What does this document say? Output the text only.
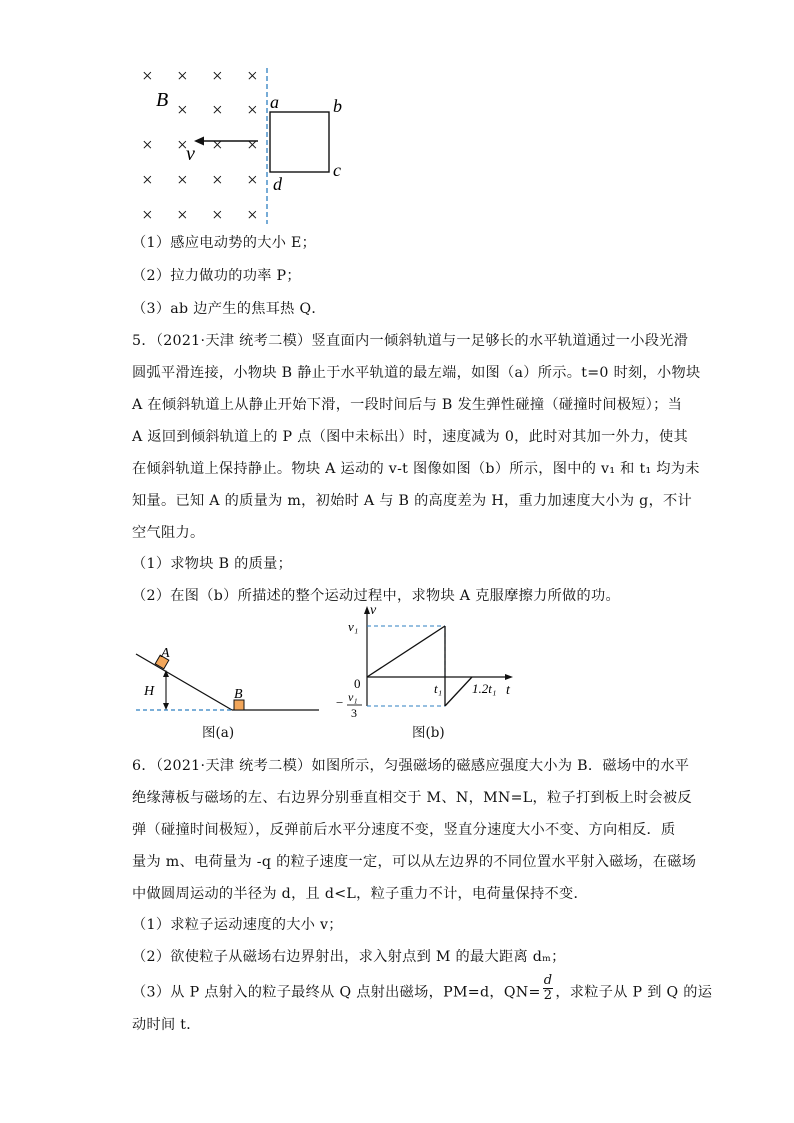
× × × ×
× × ×
× × × ×
× × × ×
× × × ×
B
v
a	b
c
d
（1）感应电动势的大小 E；
（2）拉力做功的功率 P；
（3）ab 边产生的焦耳热 Q．
5．（2021·天津 统考二模）竖直面内一倾斜轨道与一足够长的水平轨道通过一小段光滑
圆弧平滑连接，小物块 B 静止于水平轨道的最左端，如图（a）所示。t=0 时刻，小物块
A 在倾斜轨道上从静止开始下滑，一段时间后与 B 发生弹性碰撞（碰撞时间极短）；当
A 返回到倾斜轨道上的 P 点（图中未标出）时，速度减为 0，此时对其加一外力，使其
在倾斜轨道上保持静止。物块 A 运动的 v-t 图像如图（b）所示，图中的 v₁ 和 t₁ 均为未
知量。已知 A 的质量为 m，初始时 A 与 B 的高度差为 H，重力加速度大小为 g，不计
空气阻力。
（1）求物块 B 的质量；
（2）在图（b）所描述的整个运动过程中，求物块 A 克服摩擦力所做的功。
A
B
H
图(a)
v
v₁
0	t₁ 1.2t₁ t
− v₁
3
图(b)
6．（2021·天津 统考二模）如图所示，匀强磁场的磁感应强度大小为 B．磁场中的水平
绝缘薄板与磁场的左、右边界分别垂直相交于 M、N，MN=L，粒子打到板上时会被反
弹（碰撞时间极短），反弹前后水平分速度不变，竖直分速度大小不变、方向相反．质
量为 m、电荷量为 -q 的粒子速度一定，可以从左边界的不同位置水平射入磁场，在磁场
中做圆周运动的半径为 d，且 d<L，粒子重力不计，电荷量保持不变．
（1）求粒子运动速度的大小 v；
（2）欲使粒子从磁场右边界射出，求入射点到 M 的最大距离 dₘ；
（3）从 P 点射入的粒子最终从 Q 点射出磁场，PM=d，$QN= \frac{d}{2}$ ，求粒子从 P 到 Q 的运
动时间 t．
